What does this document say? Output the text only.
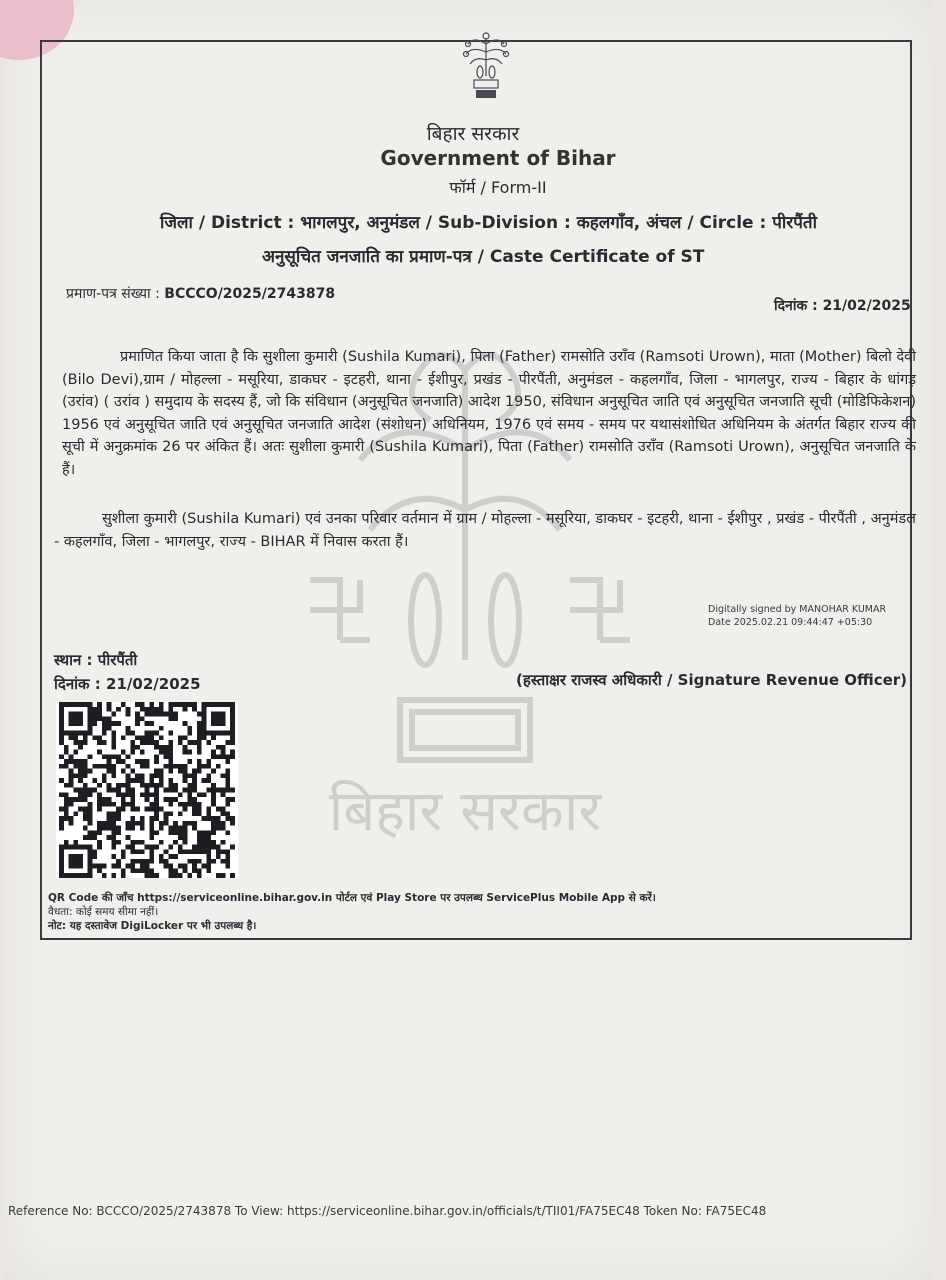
बिहार सरकार
बिहार सरकार
Government of Bihar
फॉर्म / Form-II
जिला / District : भागलपुर, अनुमंडल / Sub-Division : कहलगाँव, अंचल / Circle : पीरपैंती
अनुसूचित जनजाति का प्रमाण-पत्र / Caste Certificate of ST
प्रमाण-पत्र संख्या : BCCCO/2025/2743878
दिनांक : 21/02/2025
प्रमाणित किया जाता है कि सुशीला कुमारी (Sushila Kumari), पिता (Father) रामसोति उराँव (Ramsoti Urown), माता (Mother) बिलो देवी (Bilo Devi),ग्राम / मोहल्ला - मसूरिया, डाकघर - इटहरी, थाना - ईशीपुर, प्रखंड - पीरपैंती, अनुमंडल - कहलगाँव, जिला - भागलपुर, राज्य - बिहार के धांगड़ (उरांव) ( उरांव ) समुदाय के सदस्य हैं, जो कि संविधान (अनुसूचित जनजाति) आदेश 1950, संविधान अनुसूचित जाति एवं अनुसूचित जनजाति सूची (मोडिफिकेशन) 1956 एवं अनुसूचित जाति एवं अनुसूचित जनजाति आदेश (संशोधन) अधिनियम, 1976 एवं समय - समय पर यथासंशोधित अधिनियम के अंतर्गत बिहार राज्य की सूची में अनुक्रमांक 26 पर अंकित हैं। अतः सुशीला कुमारी (Sushila Kumari), पिता (Father) रामसोति उराँव (Ramsoti Urown), अनुसूचित जनजाति के हैं।
सुशीला कुमारी (Sushila Kumari) एवं उनका परिवार वर्तमान में ग्राम / मोहल्ला - मसूरिया, डाकघर - इटहरी, थाना - ईशीपुर , प्रखंड - पीरपैंती , अनुमंडल - कहलगाँव, जिला - भागलपुर, राज्य - BIHAR में निवास करता हैं।
Digitally signed by MANOHAR KUMAR
Date 2025.02.21 09:44:47 +05:30
स्थान : पीरपैंती
दिनांक : 21/02/2025	(हस्ताक्षर राजस्व अधिकारी / Signature Revenue Officer)
QR Code की जाँच https://serviceonline.bihar.gov.in पोर्टल एवं Play Store पर उपलब्ध ServicePlus Mobile App से करें।
वैधता: कोई समय सीमा नहीं।
नोट: यह दस्तावेज DigiLocker पर भी उपलब्ध है।
Reference No: BCCCO/2025/2743878 To View: https://serviceonline.bihar.gov.in/officials/t/TII01/FA75EC48 Token No: FA75EC48
